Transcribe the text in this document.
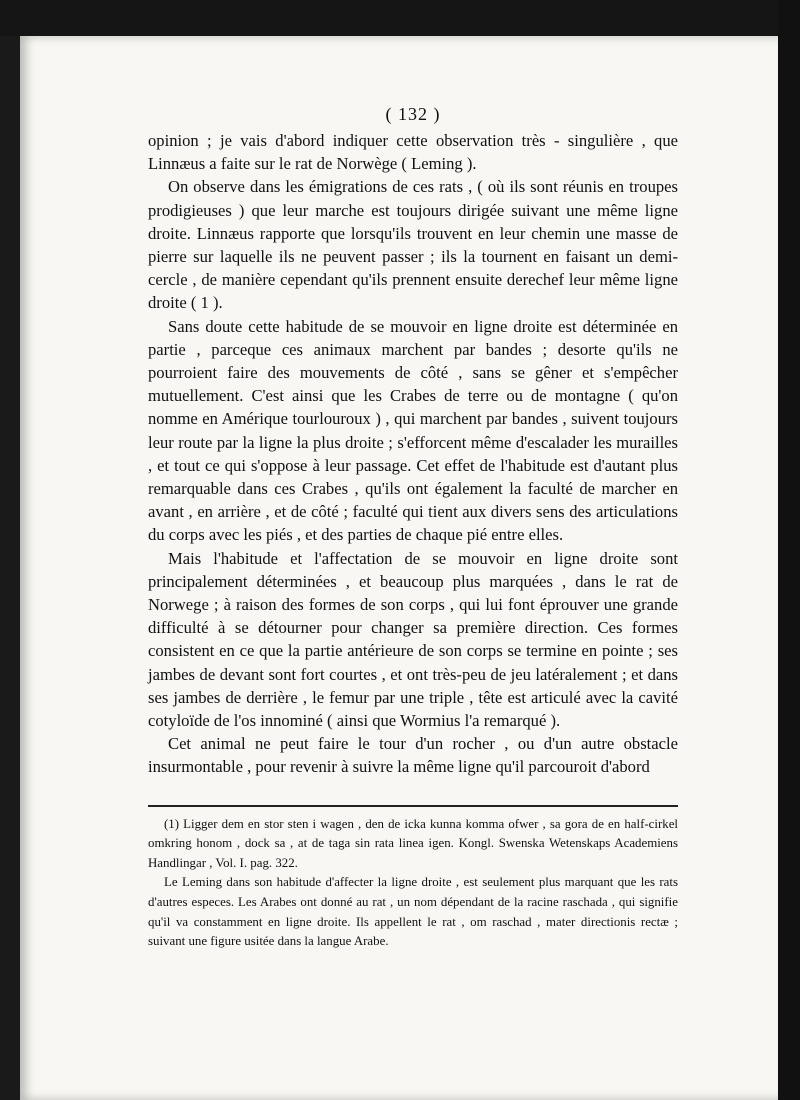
( 132 )

opinion ; je vais d'abord indiquer cette observation très - singulière , que Linnæus a faite sur le rat de Norwège ( Leming ).

On observe dans les émigrations de ces rats , ( où ils sont réunis en troupes prodigieuses ) que leur marche est toujours dirigée suivant une même ligne droite. Linnæus rapporte que lorsqu'ils trouvent en leur chemin une masse de pierre sur laquelle ils ne peuvent passer ; ils la tournent en faisant un demi-cercle , de manière cependant qu'ils prennent ensuite derechef leur même ligne droite ( 1 ).

Sans doute cette habitude de se mouvoir en ligne droite est déterminée en partie , parceque ces animaux marchent par bandes ; desorte qu'ils ne pourroient faire des mouvements de côté , sans se gêner et s'empêcher mutuellement. C'est ainsi que les Crabes de terre ou de montagne ( qu'on nomme en Amérique tourlouroux ) , qui marchent par bandes , suivent toujours leur route par la ligne la plus droite ; s'efforcent même d'escalader les murailles , et tout ce qui s'oppose à leur passage. Cet effet de l'habitude est d'autant plus remarquable dans ces Crabes , qu'ils ont également la faculté de marcher en avant , en arrière , et de côté ; faculté qui tient aux divers sens des articulations du corps avec les piés , et des parties de chaque pié entre elles.

Mais l'habitude et l'affectation de se mouvoir en ligne droite sont principalement déterminées , et beaucoup plus marquées , dans le rat de Norwege ; à raison des formes de son corps , qui lui font éprouver une grande difficulté à se détourner pour changer sa première direction. Ces formes consistent en ce que la partie antérieure de son corps se termine en pointe ; ses jambes de devant sont fort courtes , et ont très-peu de jeu latéralement ; et dans ses jambes de derrière , le femur par une triple , tête est articulé avec la cavité cotyloïde de l'os innominé ( ainsi que Wormius l'a remarqué ).

Cet animal ne peut faire le tour d'un rocher , ou d'un autre obstacle insurmontable , pour revenir à suivre la même ligne qu'il parcouroit d'abord

(1) Ligger dem en stor sten i wagen , den de icka kunna komma ofwer , sa gora de en half-cirkel omkring honom , dock sa , at de taga sin rata linea igen. Kongl. Swenska Wetenskaps Academiens Handlingar , Vol. I. pag. 322.

Le Leming dans son habitude d'affecter la ligne droite , est seulement plus marquant que les rats d'autres especes. Les Arabes ont donné au rat , un nom dépendant de la racine raschada , qui signifie qu'il va constamment en ligne droite. Ils appellent le rat , om raschad , mater directionis rectæ ; suivant une figure usitée dans la langue Arabe.
